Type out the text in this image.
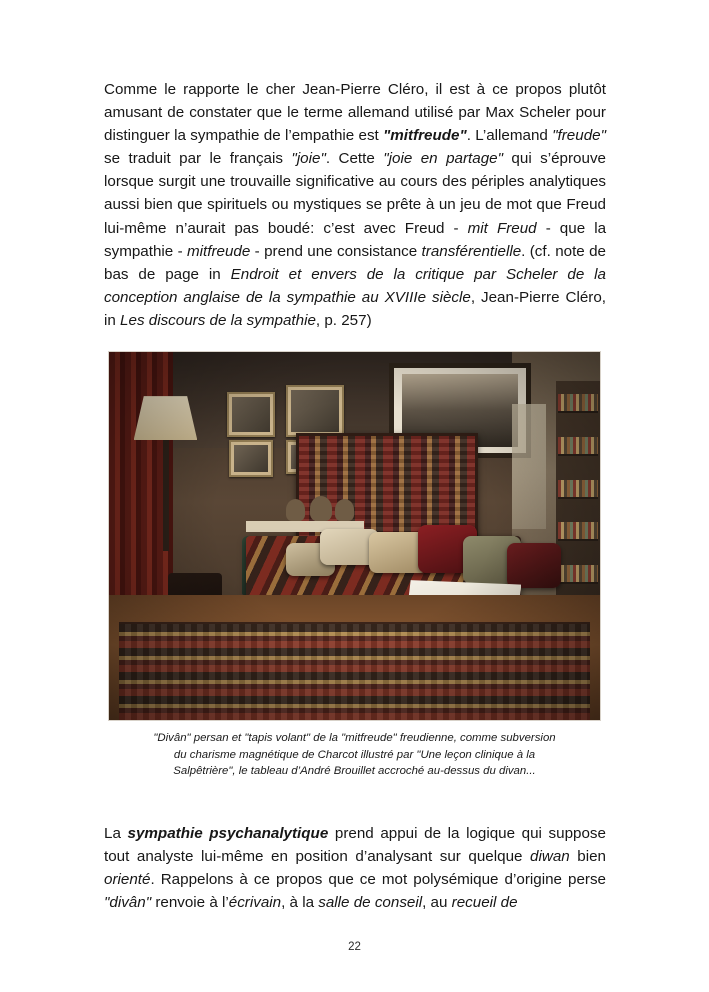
Comme le rapporte le cher Jean-Pierre Cléro, il est à ce propos plutôt amusant de constater que le terme allemand utilisé par Max Scheler pour distinguer la sympathie de l’empathie est "mitfreude". L’allemand "freude" se traduit par le français "joie". Cette "joie en partage" qui s’éprouve lorsque surgit une trouvaille significative au cours des périples analytiques aussi bien que spirituels ou mystiques se prête à un jeu de mot que Freud lui-même n’aurait pas boudé: c’est avec Freud - mit Freud - que la sympathie - mitfreude - prend une consistance transférentielle. (cf. note de bas de page in Endroit et envers de la critique par Scheler de la conception anglaise de la sympathie au XVIIIe siècle, Jean-Pierre Cléro, in Les discours de la sympathie, p. 257)

"Divân" persan et "tapis volant" de la "mitfreude" freudienne, comme subversion
du charisme magnétique de Charcot illustré par "Une leçon clinique à la
Salpêtrière", le tableau d’André Brouillet accroché au-dessus du divan...

La sympathie psychanalytique prend appui de la logique qui suppose tout analyste lui-même en position d’analysant sur quelque diwan bien orienté. Rappelons à ce propos que ce mot polysémique d’origine perse "divân" renvoie à l’écrivain, à la salle de conseil, au recueil de

22
